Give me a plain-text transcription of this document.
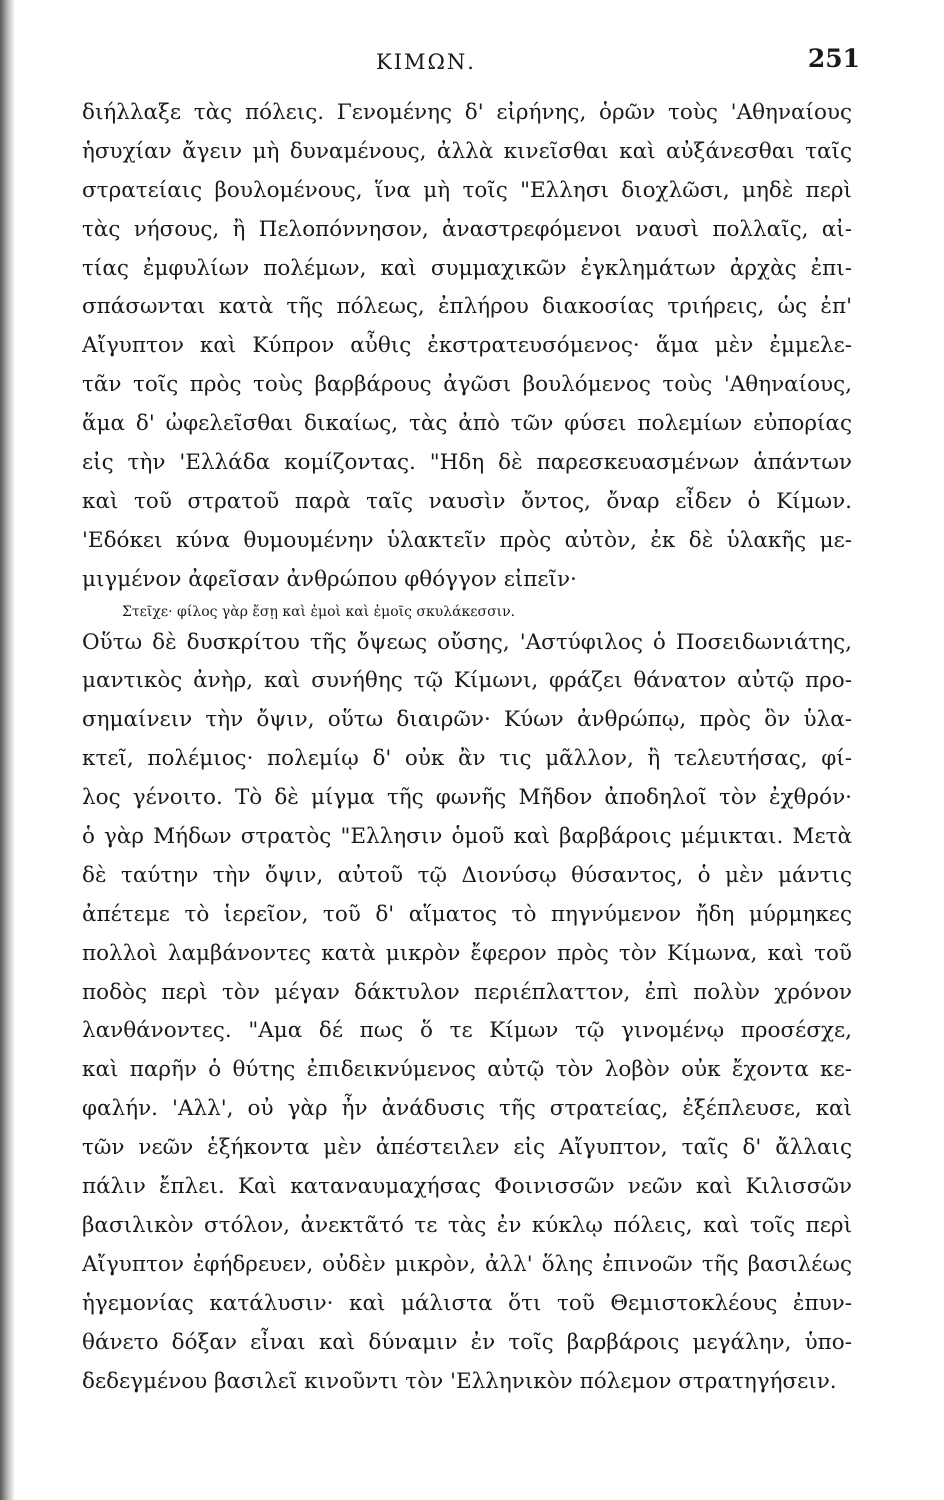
ΚΙΜΩΝ.	251
διήλλαξε τὰς πόλεις. Γενομένης δ' εἰρήνης, ὁρῶν τοὺς 'Αθηναίους
ἡσυχίαν ἄγειν μὴ δυναμένους, ἀλλὰ κινεῖσθαι καὶ αὐξάνεσθαι ταῖς
στρατείαις βουλομένους, ἵνα μὴ τοῖς "Ελλησι διοχλῶσι, μηδὲ περὶ
τὰς νήσους, ἢ Πελοπόννησον, ἀναστρεφόμενοι ναυσὶ πολλαῖς, αἰ-
τίας ἐμφυλίων πολέμων, καὶ συμμαχικῶν ἐγκλημάτων ἀρχὰς ἐπι-
σπάσωνται κατὰ τῆς πόλεως, ἐπλήρου διακοσίας τριήρεις, ὡς ἐπ'
Αἴγυπτον καὶ Κύπρον αὖθις ἐκστρατευσόμενος· ἅμα μὲν ἐμμελε-
τᾶν τοῖς πρὸς τοὺς βαρβάρους ἀγῶσι βουλόμενος τοὺς 'Αθηναίους,
ἅμα δ' ὠφελεῖσθαι δικαίως, τὰς ἀπὸ τῶν φύσει πολεμίων εὐπορίας
εἰς τὴν 'Ελλάδα κομίζοντας. "Ηδη δὲ παρεσκευασμένων ἁπάντων
καὶ τοῦ στρατοῦ παρὰ ταῖς ναυσὶν ὄντος, ὄναρ εἶδεν ὁ Κίμων.
'Εδόκει κύνα θυμουμένην ὑλακτεῖν πρὸς αὐτὸν, ἐκ δὲ ὑλακῆς με-
μιγμένον ἀφεῖσαν ἀνθρώπου φθόγγον εἰπεῖν·
Στεῖχε· φίλος γὰρ ἔσῃ καὶ ἐμοὶ καὶ ἐμοῖς σκυλάκεσσιν.
Οὕτω δὲ δυσκρίτου τῆς ὄψεως οὔσης, 'Αστύφιλος ὁ Ποσειδωνιάτης,
μαντικὸς ἀνὴρ, καὶ συνήθης τῷ Κίμωνι, φράζει θάνατον αὐτῷ προ-
σημαίνειν τὴν ὄψιν, οὕτω διαιρῶν· Κύων ἀνθρώπῳ, πρὸς ὃν ὑλα-
κτεῖ, πολέμιος· πολεμίῳ δ' οὐκ ἂν τις μᾶλλον, ἢ τελευτήσας, φί-
λος γένοιτο. Τὸ δὲ μίγμα τῆς φωνῆς Μῆδον ἀποδηλοῖ τὸν ἐχθρόν·
ὁ γὰρ Μήδων στρατὸς "Ελλησιν ὁμοῦ καὶ βαρβάροις μέμικται. Μετὰ
δὲ ταύτην τὴν ὄψιν, αὐτοῦ τῷ Διονύσῳ θύσαντος, ὁ μὲν μάντις
ἀπέτεμε τὸ ἱερεῖον, τοῦ δ' αἵματος τὸ πηγνύμενον ἤδη μύρμηκες
πολλοὶ λαμβάνοντες κατὰ μικρὸν ἔφερον πρὸς τὸν Κίμωνα, καὶ τοῦ
ποδὸς περὶ τὸν μέγαν δάκτυλον περιέπλαττον, ἐπὶ πολὺν χρόνον
λανθάνοντες. "Αμα δέ πως ὅ τε Κίμων τῷ γινομένῳ προσέσχε,
καὶ παρῆν ὁ θύτης ἐπιδεικνύμενος αὐτῷ τὸν λοβὸν οὐκ ἔχοντα κε-
φαλήν. 'Αλλ', οὐ γὰρ ἦν ἀνάδυσις τῆς στρατείας, ἐξέπλευσε, καὶ
τῶν νεῶν ἑξήκοντα μὲν ἀπέστειλεν εἰς Αἴγυπτον, ταῖς δ' ἄλλαις
πάλιν ἔπλει. Καὶ καταναυμαχήσας Φοινισσῶν νεῶν καὶ Κιλισσῶν
βασιλικὸν στόλον, ἀνεκτᾶτό τε τὰς ἐν κύκλῳ πόλεις, καὶ τοῖς περὶ
Αἴγυπτον ἐφήδρευεν, οὐδὲν μικρὸν, ἀλλ' ὅλης ἐπινοῶν τῆς βασιλέως
ἡγεμονίας κατάλυσιν· καὶ μάλιστα ὅτι τοῦ Θεμιστοκλέους ἐπυν-
θάνετο δόξαν εἶναι καὶ δύναμιν ἐν τοῖς βαρβάροις μεγάλην, ὑπο-
δεδεγμένου βασιλεῖ κινοῦντι τὸν 'Ελληνικὸν πόλεμον στρατηγήσειν.
